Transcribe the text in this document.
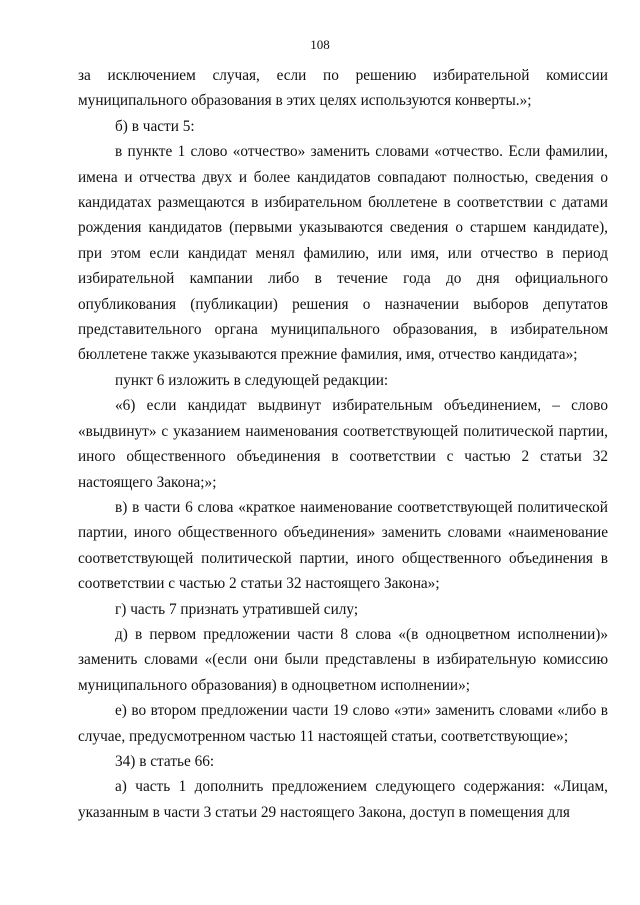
108

за исключением случая, если по решению избирательной комиссии муниципального образования в этих целях используются конверты.»;

б) в части 5:

в пункте 1 слово «отчество» заменить словами «отчество. Если фамилии, имена и отчества двух и более кандидатов совпадают полностью, сведения о кандидатах размещаются в избирательном бюллетене в соответствии с датами рождения кандидатов (первыми указываются сведения о старшем кандидате), при этом если кандидат менял фамилию, или имя, или отчество в период избирательной кампании либо в течение года до дня официального опубликования (публикации) решения о назначении выборов депутатов представительного органа муниципального образования, в избирательном бюллетене также указываются прежние фамилия, имя, отчество кандидата»;

пункт 6 изложить в следующей редакции:

«6) если кандидат выдвинут избирательным объединением, – слово «выдвинут» с указанием наименования соответствующей политической партии, иного общественного объединения в соответствии с частью 2 статьи 32 настоящего Закона;»;

в) в части 6 слова «краткое наименование соответствующей политической партии, иного общественного объединения» заменить словами «наименование соответствующей политической партии, иного общественного объединения в соответствии с частью 2 статьи 32 настоящего Закона»;

г) часть 7 признать утратившей силу;

д) в первом предложении части 8 слова «(в одноцветном исполнении)» заменить словами «(если они были представлены в избирательную комиссию муниципального образования) в одноцветном исполнении»;

е) во втором предложении части 19 слово «эти» заменить словами «либо в случае, предусмотренном частью 11 настоящей статьи, соответствующие»;

34) в статье 66:

а) часть 1 дополнить предложением следующего содержания: «Лицам, указанным в части 3 статьи 29 настоящего Закона, доступ в помещения для
